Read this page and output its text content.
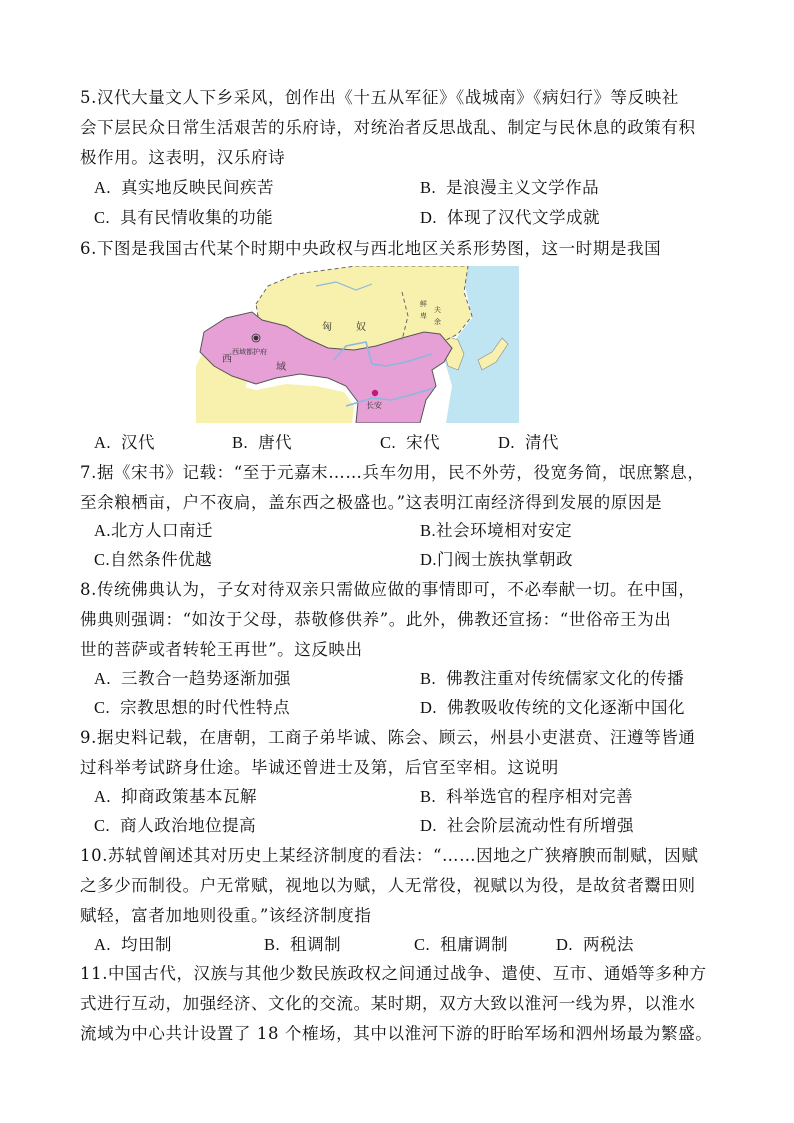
5.汉代大量文人下乡采风，创作出《十五从军征》《战城南》《病妇行》等反映社
会下层民众日常生活艰苦的乐府诗，对统治者反思战乱、制定与民休息的政策有积
极作用。这表明，汉乐府诗
A. 真实地反映民间疾苦	B. 是浪漫主义文学作品
C. 具有民情收集的功能	D. 体现了汉代文学成就
6.下图是我国古代某个时期中央政权与西北地区关系形势图，这一时期是我国
匈 奴
西
域
西域都护府
长安
鲜
卑
夫
余
A. 汉代	B. 唐代	C. 宋代	D. 清代
7.据《宋书》记载：“至于元嘉末……兵车勿用，民不外劳，役宽务简，氓庶繁息，
至余粮栖亩，户不夜扃，盖东西之极盛也。”这表明江南经济得到发展的原因是
A.北方人口南迁	B.社会环境相对安定
C.自然条件优越	D.门阀士族执掌朝政
8.传统佛典认为，子女对待双亲只需做应做的事情即可，不必奉献一切。在中国，
佛典则强调：“如汝于父母，恭敬修供养”。此外，佛教还宣扬：“世俗帝王为出
世的菩萨或者转轮王再世”。这反映出
A. 三教合一趋势逐渐加强	B. 佛教注重对传统儒家文化的传播
C. 宗教思想的时代性特点	D. 佛教吸收传统的文化逐渐中国化
9.据史料记载，在唐朝，工商子弟毕诚、陈会、顾云，州县小吏湛贲、汪遵等皆通
过科举考试跻身仕途。毕诚还曾进士及第，后官至宰相。这说明
A. 抑商政策基本瓦解	B. 科举选官的程序相对完善
C. 商人政治地位提高	D. 社会阶层流动性有所增强
10.苏轼曾阐述其对历史上某经济制度的看法：“……因地之广狭瘠腴而制赋，因赋
之多少而制役。户无常赋，视地以为赋，人无常役，视赋以为役，是故贫者鬻田则
赋轻，富者加地则役重。”该经济制度指
A. 均田制	B. 租调制	C. 租庸调制	D. 两税法
11.中国古代，汉族与其他少数民族政权之间通过战争、遣使、互市、通婚等多种方
式进行互动，加强经济、文化的交流。某时期，双方大致以淮河一线为界，以淮水
流域为中心共计设置了 18 个榷场，其中以淮河下游的盱眙军场和泗州场最为繁盛。
